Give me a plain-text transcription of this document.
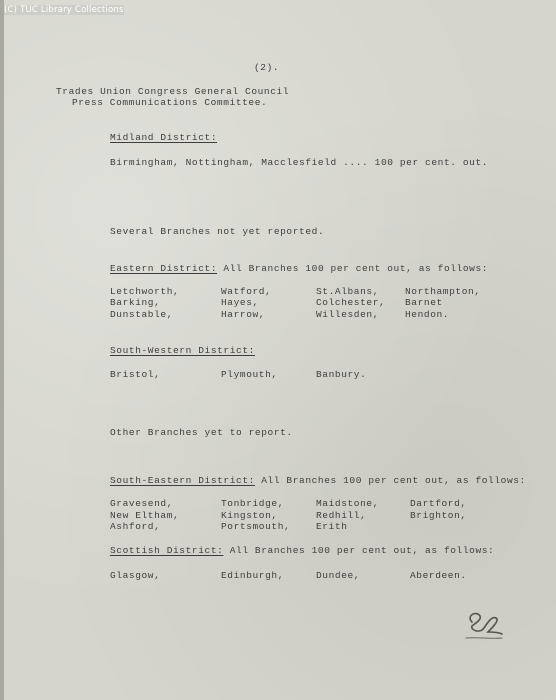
(C) TUC Library Collections
(2).
Trades Union Congress General Council
Press Communications Committee.
Midland District:
Birmingham, Nottingham, Macclesfield .... 100 per cent. out.
Several Branches not yet reported.
Eastern District: All Branches 100 per cent out, as follows:
Letchworth,	Watford,	St.Albans,	Northampton,
Barking,	Hayes,	Colchester, Barnet
Dunstable,	Harrow,	Willesden,	Hendon.
South-Western District:
Bristol,	Plymouth,	Banbury.
Other Branches yet to report.
South-Eastern District: All Branches 100 per cent out, as follows:
Gravesend,	Tonbridge,	Maidstone,	Dartford,
New Eltham,	Kingston,	Redhill,	Brighton,
Ashford,	Portsmouth,	Erith
Scottish District: All Branches 100 per cent out, as follows:
Glasgow,	Edinburgh,	Dundee,	Aberdeen.
